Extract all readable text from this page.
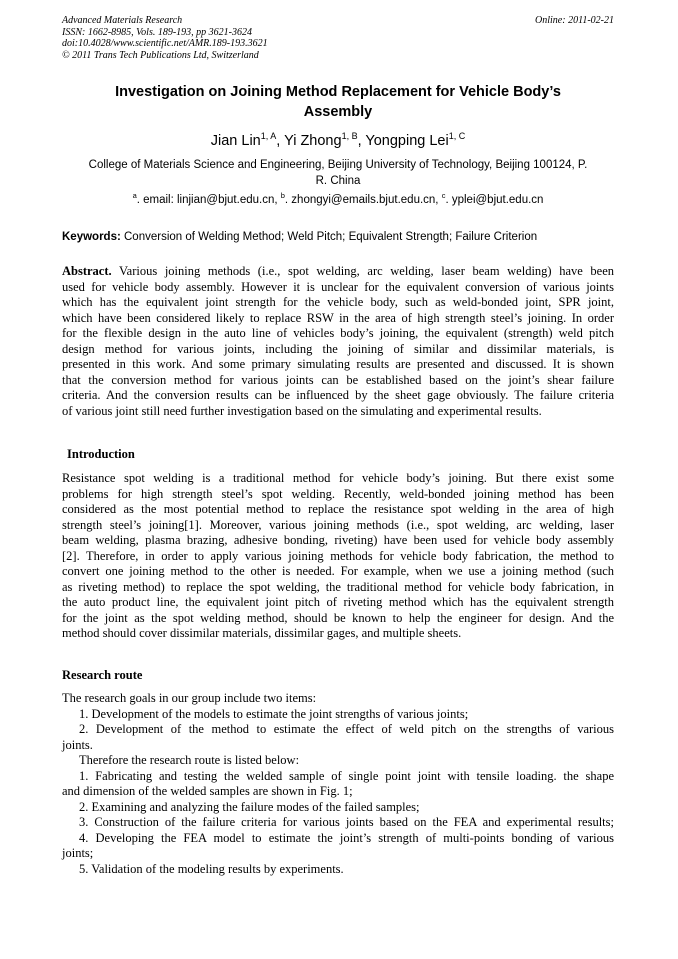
Advanced Materials Research
ISSN: 1662-8985, Vols. 189-193, pp 3621-3624
doi:10.4028/www.scientific.net/AMR.189-193.3621
© 2011 Trans Tech Publications Ltd, Switzerland
Online: 2011-02-21
Investigation on Joining Method Replacement for Vehicle Body’s
Assembly
Jian Lin$^{1, A}$, Yi Zhong$^{1, B}$, Yongping Lei$^{1, C}$
College of Materials Science and Engineering, Beijing University of Technology, Beijing 100124, P.
R. China
$^a$. email: linjian@bjut.edu.cn, $^b$. zhongyi@emails.bjut.edu.cn, $^c$. yplei@bjut.edu.cn
Keywords: Conversion of Welding Method; Weld Pitch; Equivalent Strength; Failure Criterion
Abstract. Various joining methods (i.e., spot welding, arc welding, laser beam welding) have been
used for vehicle body assembly. However it is unclear for the equivalent conversion of various joints
which has the equivalent joint strength for the vehicle body, such as weld-bonded joint, SPR joint,
which have been considered likely to replace RSW in the area of high strength steel’s joining. In order
for the flexible design in the auto line of vehicles body’s joining, the equivalent (strength) weld pitch
design method for various joints, including the joining of similar and dissimilar materials, is
presented in this work. And some primary simulating results are presented and discussed. It is shown
that the conversion method for various joints can be established based on the joint’s shear failure
criteria. And the conversion results can be influenced by the sheet gage obviously. The failure criteria
of various joint still need further investigation based on the simulating and experimental results.
Introduction
Resistance spot welding is a traditional method for vehicle body’s joining. But there exist some
problems for high strength steel’s spot welding. Recently, weld-bonded joining method has been
considered as the most potential method to replace the resistance spot welding in the area of high
strength steel’s joining[1]. Moreover, various joining methods (i.e., spot welding, arc welding, laser
beam welding, plasma brazing, adhesive bonding, riveting) have been used for vehicle body assembly
[2]. Therefore, in order to apply various joining methods for vehicle body fabrication, the method to
convert one joining method to the other is needed. For example, when we use a joining method (such
as riveting method) to replace the spot welding, the traditional method for vehicle body fabrication, in
the auto product line, the equivalent joint pitch of riveting method which has the equivalent strength
for the joint as the spot welding method, should be known to help the engineer for design. And the
method should cover dissimilar materials, dissimilar gages, and multiple sheets.
Research route
The research goals in our group include two items:
1. Development of the models to estimate the joint strengths of various joints;
2. Development of the method to estimate the effect of weld pitch on the strengths of various
joints.
Therefore the research route is listed below:
1. Fabricating and testing the welded sample of single point joint with tensile loading. the shape
and dimension of the welded samples are shown in Fig. 1;
2. Examining and analyzing the failure modes of the failed samples;
3. Construction of the failure criteria for various joints based on the FEA and experimental results;
4. Developing the FEA model to estimate the joint’s strength of multi-points bonding of various
joints;
5. Validation of the modeling results by experiments.
